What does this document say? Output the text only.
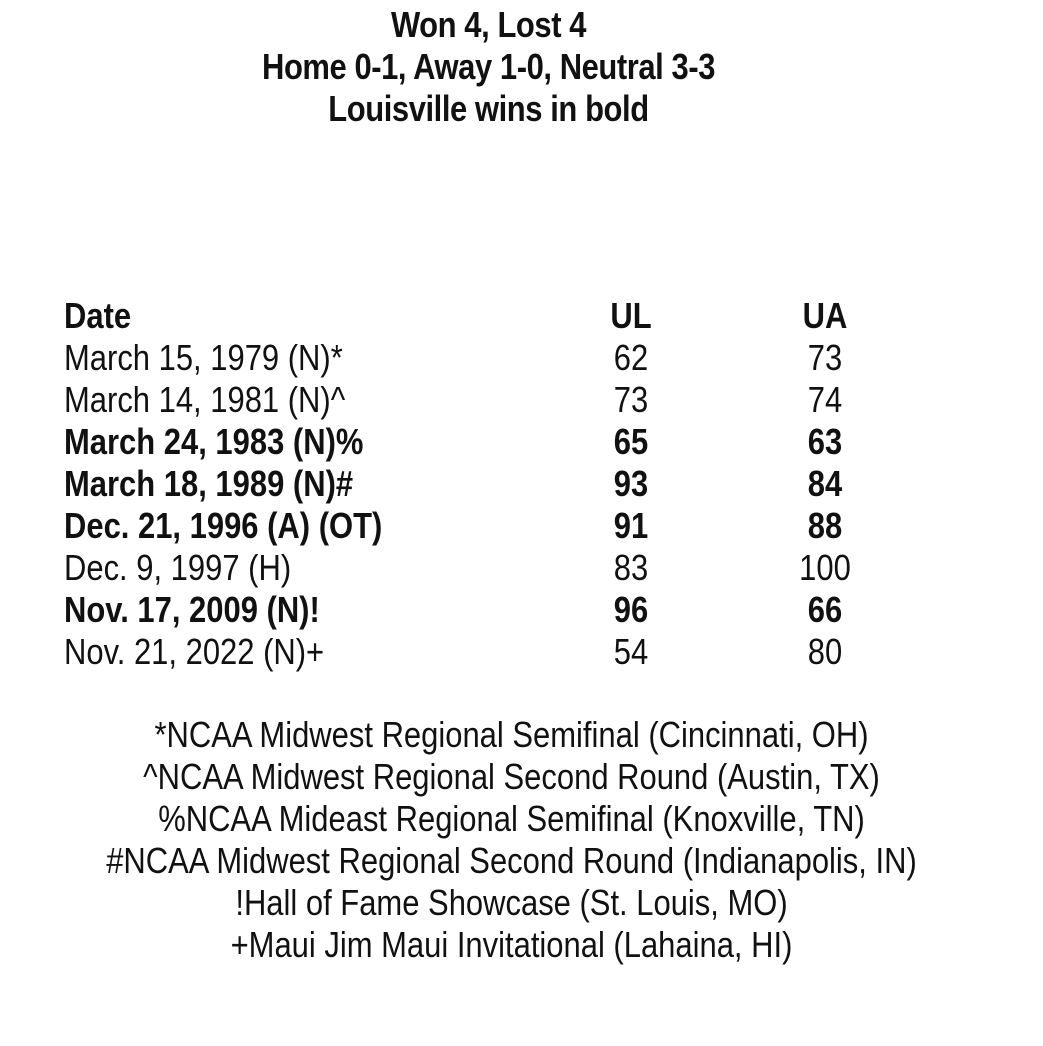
Won 4, Lost 4
Home 0-1, Away 1-0, Neutral 3-3
Louisville wins in bold
Date	UL	UA
March 15, 1979 (N)*	62	73
March 14, 1981 (N)^	73	74
March 24, 1983 (N)%	65	63
March 18, 1989 (N)#	93	84
Dec. 21, 1996 (A) (OT)	91	88
Dec. 9, 1997 (H)	83	100
Nov. 17, 2009 (N)!	96	66
Nov. 21, 2022 (N)+	54	80
*NCAA Midwest Regional Semifinal (Cincinnati, OH)
^NCAA Midwest Regional Second Round (Austin, TX)
%NCAA Mideast Regional Semifinal (Knoxville, TN)
#NCAA Midwest Regional Second Round (Indianapolis, IN)
!Hall of Fame Showcase (St. Louis, MO)
+Maui Jim Maui Invitational (Lahaina, HI)
